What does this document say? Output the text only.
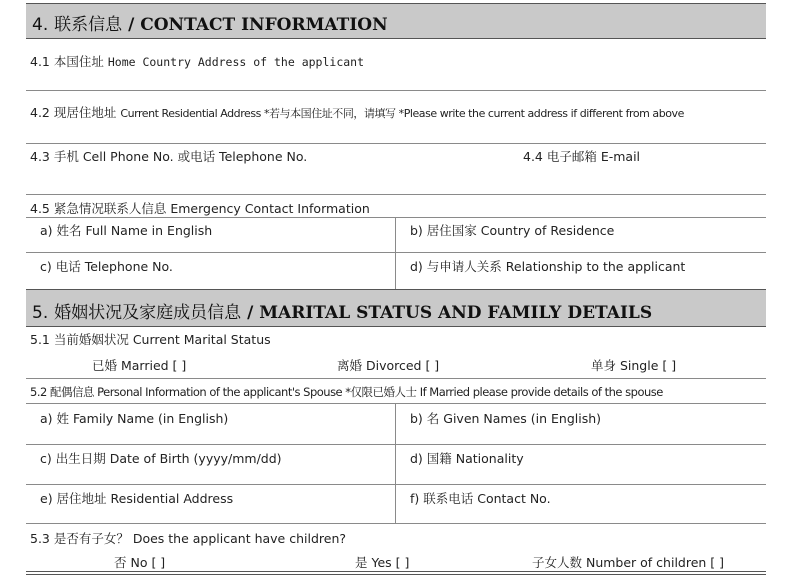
4. 联系信息 / CONTACT INFORMATION
4.1 本国住址 Home Country Address of the applicant
4.2 现居住地址 Current Residential Address *若与本国住址不同，请填写 *Please write the current address if different from above
4.3 手机 Cell Phone No. 或电话 Telephone No.	4.4 电子邮箱 E-mail
4.5 紧急情况联系人信息 Emergency Contact Information
a) 姓名 Full Name in English	b) 居住国家 Country of Residence
c) 电话 Telephone No.	d) 与申请人关系 Relationship to the applicant
5. 婚姻状况及家庭成员信息 / MARITAL STATUS AND FAMILY DETAILS
5.1 当前婚姻状况 Current Marital Status
已婚 Married [ ]	离婚 Divorced [ ]	单身 Single [ ]
5.2 配偶信息 Personal Information of the applicant's Spouse *仅限已婚人士 If Married please provide details of the spouse
a) 姓 Family Name (in English)	b) 名 Given Names (in English)
c) 出生日期 Date of Birth (yyyy/mm/dd)	d) 国籍 Nationality
e) 居住地址 Residential Address	f) 联系电话 Contact No.
5.3 是否有子女？ Does the applicant have children?
否 No [ ]	是 Yes [ ]	子女人数 Number of children [ ]
